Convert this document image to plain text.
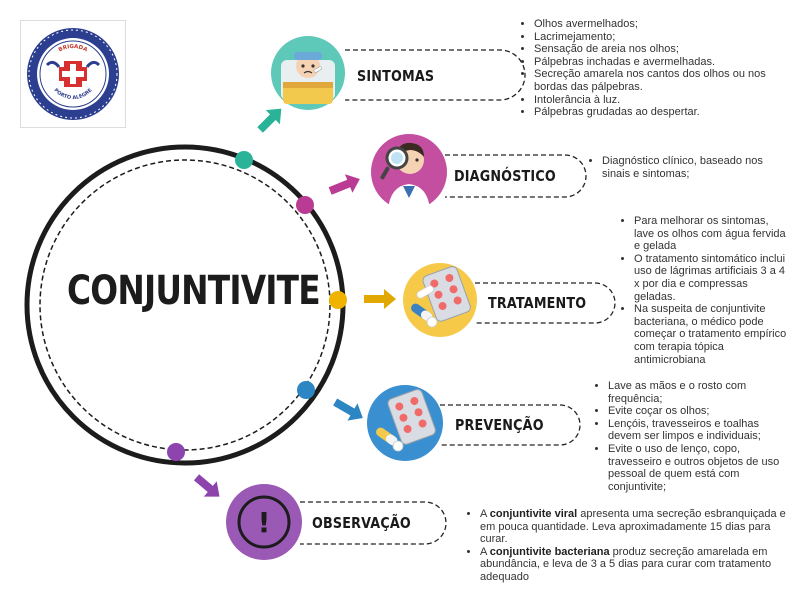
!
BRIGADA
PORTO ALEGRE
CONJUNTIVITE
SINTOMAS
DIAGNÓSTICO
TRATAMENTO
PREVENÇÃO
OBSERVAÇÃO
• Olhos avermelhados;
• Lacrimejamento;
• Sensação de areia nos olhos;
• Pálpebras inchadas e avermelhadas.
• Secreção amarela nos cantos dos olhos ou nos bordas das pálpebras.
• Intolerância à luz.
• Pálpebras grudadas ao despertar.
• Diagnóstico clínico, baseado nos sinais e sintomas;
• Para melhorar os sintomas, lave os olhos com água fervida e gelada
• O tratamento sintomático inclui uso de lágrimas artificiais 3 a 4 x por dia e compressas geladas.
• Na suspeita de conjuntivite bacteriana, o médico pode começar o tratamento empírico com terapia tópica antimicrobiana
• Lave as mãos e o rosto com frequência;
• Evite coçar os olhos;
• Lençóis, travesseiros e toalhas devem ser limpos e individuais;
• Evite o uso de lenço, copo, travesseiro e outros objetos de uso pessoal de quem está com conjuntivite;
• A conjuntivite viral apresenta uma secreção esbranquiçada e em pouca quantidade. Leva aproximadamente 15 dias para curar.
• A conjuntivite bacteriana produz secreção amarelada em abundância, e leva de 3 a 5 dias para curar com tratamento adequado
